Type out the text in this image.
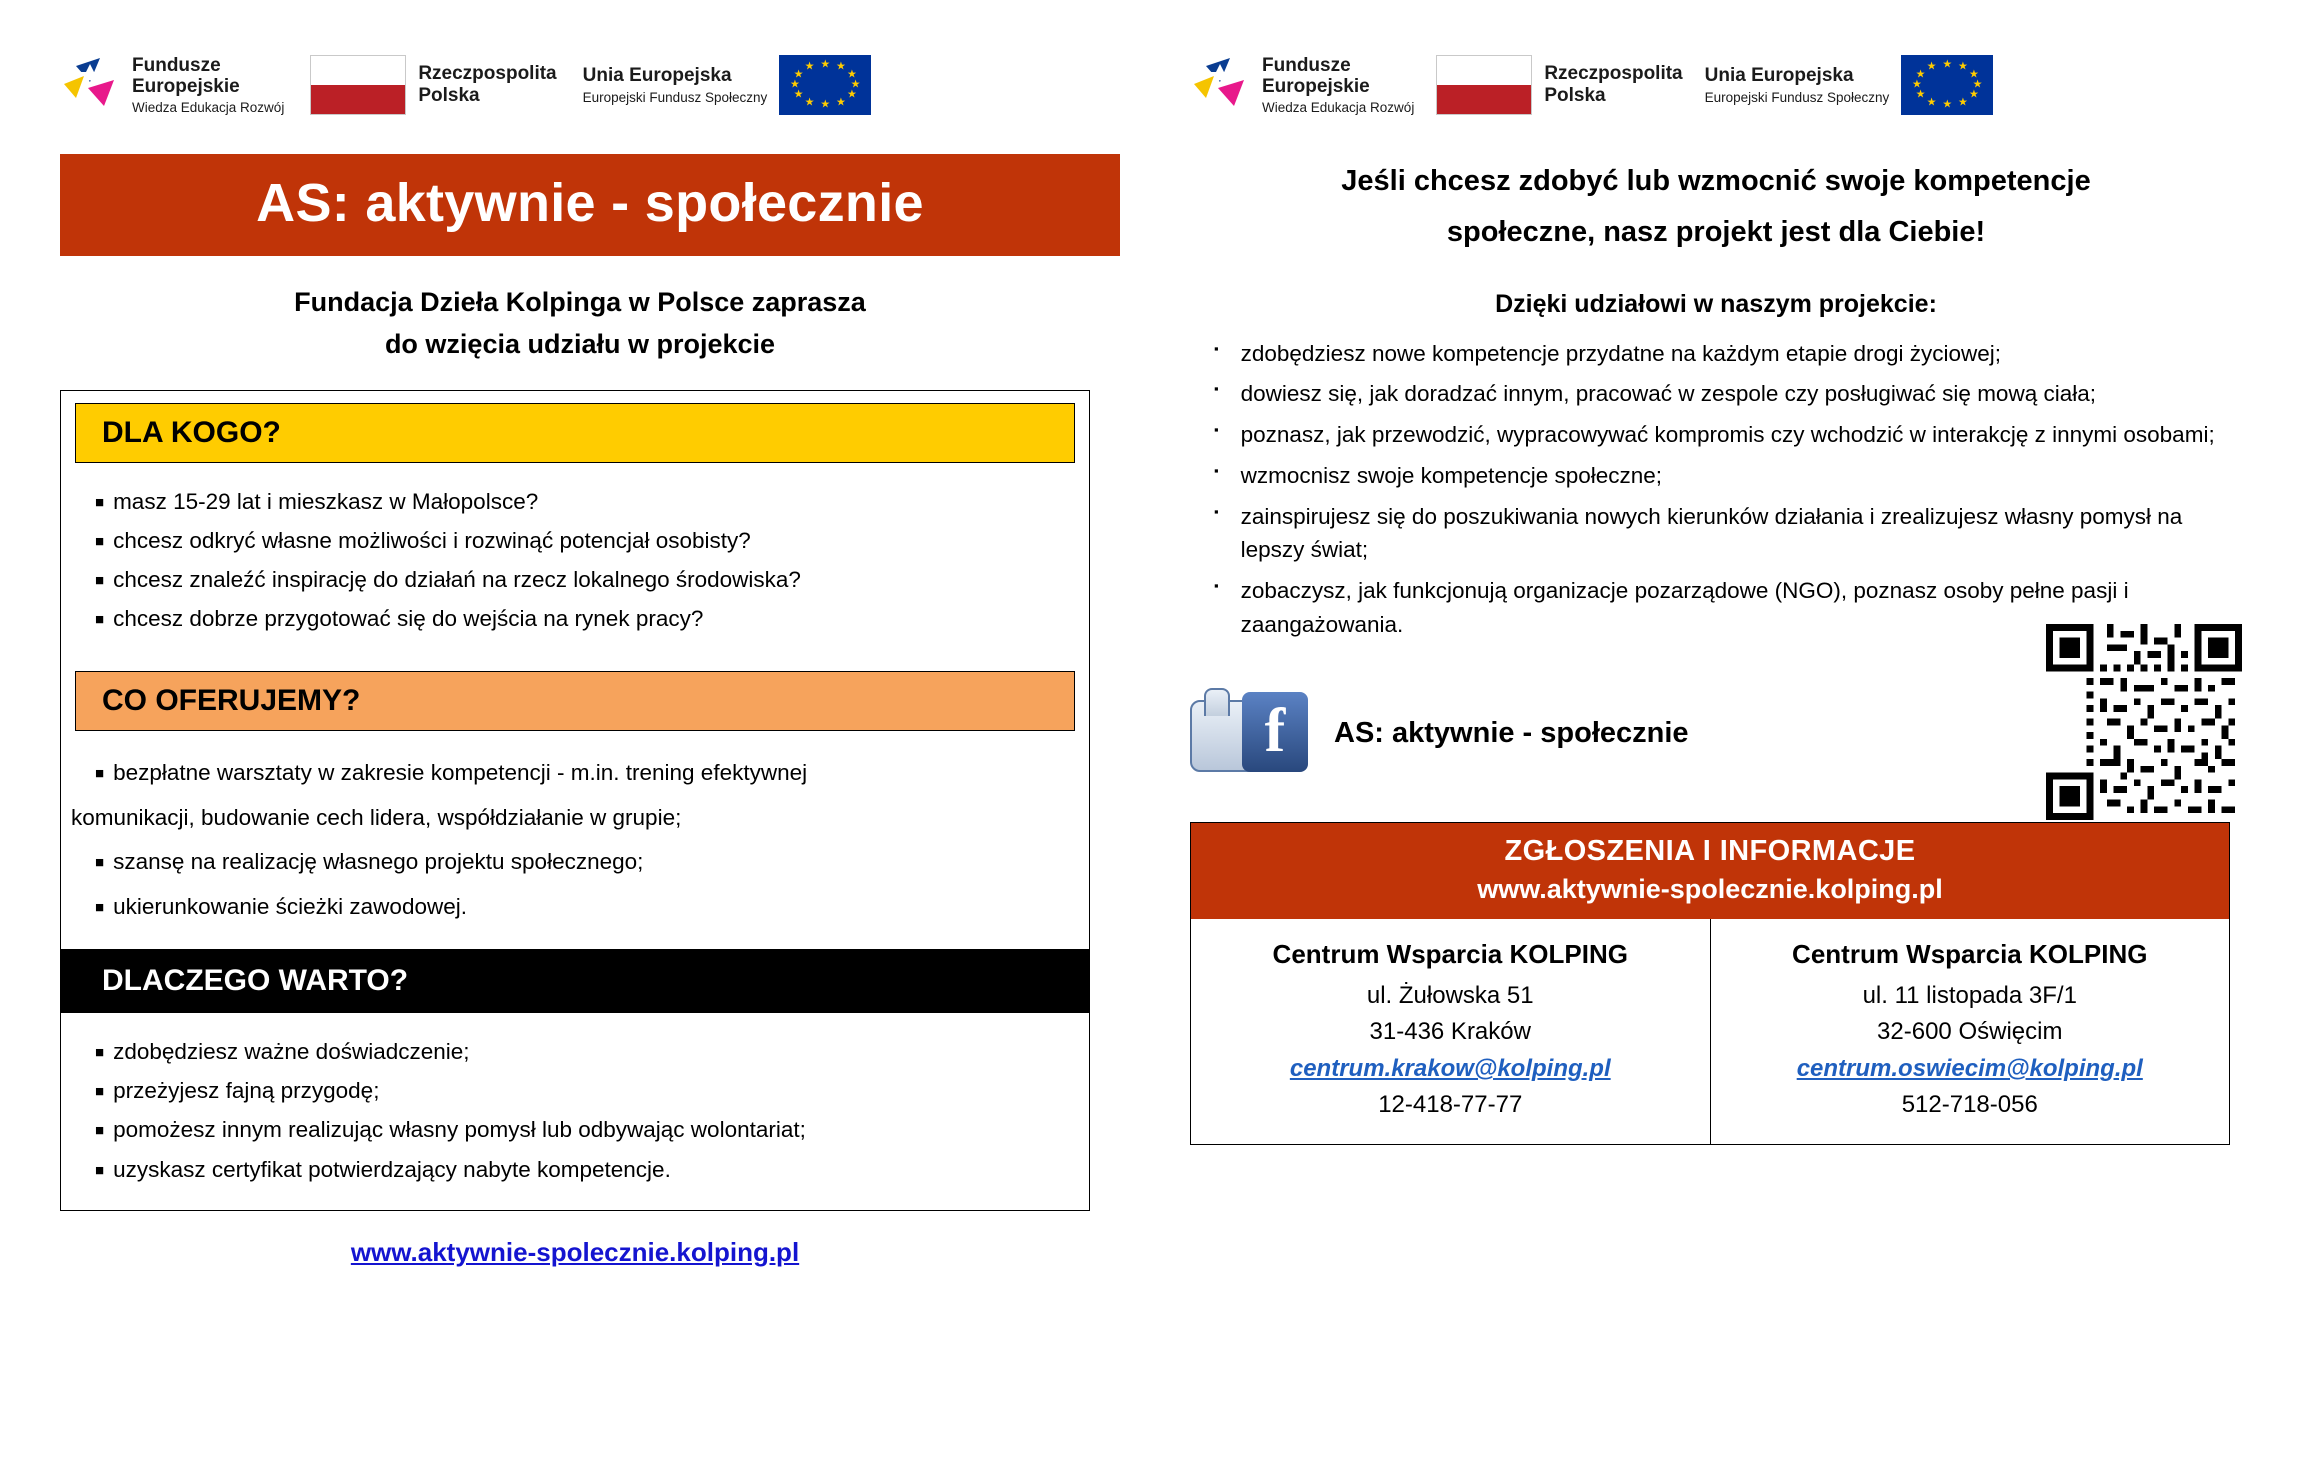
Fundusze
Europejskie
Wiedza Edukacja Rozwój
Rzeczpospolita
Polska
Unia Europejska
Europejski Fundusz Społeczny
★ ★
★
★
★
★
★
★
★
★
★
★
AS: aktywnie - społecznie
Fundacja Dzieła Kolpinga w Polsce zaprasza
do wzięcia udziału w projekcie
DLA KOGO?

■ masz 15-29 lat i mieszkasz w Małopolsce?

■ chcesz odkryć własne możliwości i rozwinąć potencjał osobisty?

■ chcesz znaleźć inspirację do działań na rzecz lokalnego środowiska?

■ chcesz dobrze przygotować się do wejścia na rynek pracy?

CO OFERUJEMY?

■ bezpłatne warsztaty w zakresie kompetencji - m.in. trening efektywnej

komunikacji, budowanie cech lidera, współdziałanie w grupie;

■ szansę na realizację własnego projektu społecznego;

■ ukierunkowanie ścieżki zawodowej.

DLACZEGO WARTO?

■ zdobędziesz ważne doświadczenie;

■ przeżyjesz fajną przygodę;

■ pomożesz innym realizując własny pomysł lub odbywając wolontariat;

■ uzyskasz certyfikat potwierdzający nabyte kompetencje.

www.aktywnie-spolecznie.kolping.pl
Fundusze
Europejskie
Wiedza Edukacja Rozwój
Rzeczpospolita
Polska
Unia Europejska
Europejski Fundusz Społeczny
★ ★
★
★
★
★
★
★
★
★
★
★
Jeśli chcesz zdobyć lub wzmocnić swoje kompetencje
społeczne, nasz projekt jest dla Ciebie!
Dzięki udziałowi w naszym projekcie:
▪ zdobędziesz nowe kompetencje przydatne na każdym etapie drogi życiowej;
▪ dowiesz się, jak doradzać innym, pracować w zespole czy posługiwać się mową ciała;
▪ poznasz, jak przewodzić, wypracowywać kompromis czy wchodzić w interakcję z innymi osobami;
▪ wzmocnisz swoje kompetencje społeczne;
▪ zainspirujesz się do poszukiwania nowych kierunków działania i zrealizujesz własny pomysł na lepszy świat;
▪ zobaczysz, jak funkcjonują organizacje pozarządowe (NGO), poznasz osoby pełne pasji i zaangażowania.
f	AS: aktywnie - społecznie
ZGŁOSZENIA I INFORMACJE
www.aktywnie-spolecznie.kolping.pl
Centrum Wsparcia KOLPING
ul. Żułowska 51
31-436 Kraków
centrum.krakow@kolping.pl
12-418-77-77
Centrum Wsparcia KOLPING
ul. 11 listopada 3F/1
32-600 Oświęcim
centrum.oswiecim@kolping.pl
512-718-056
